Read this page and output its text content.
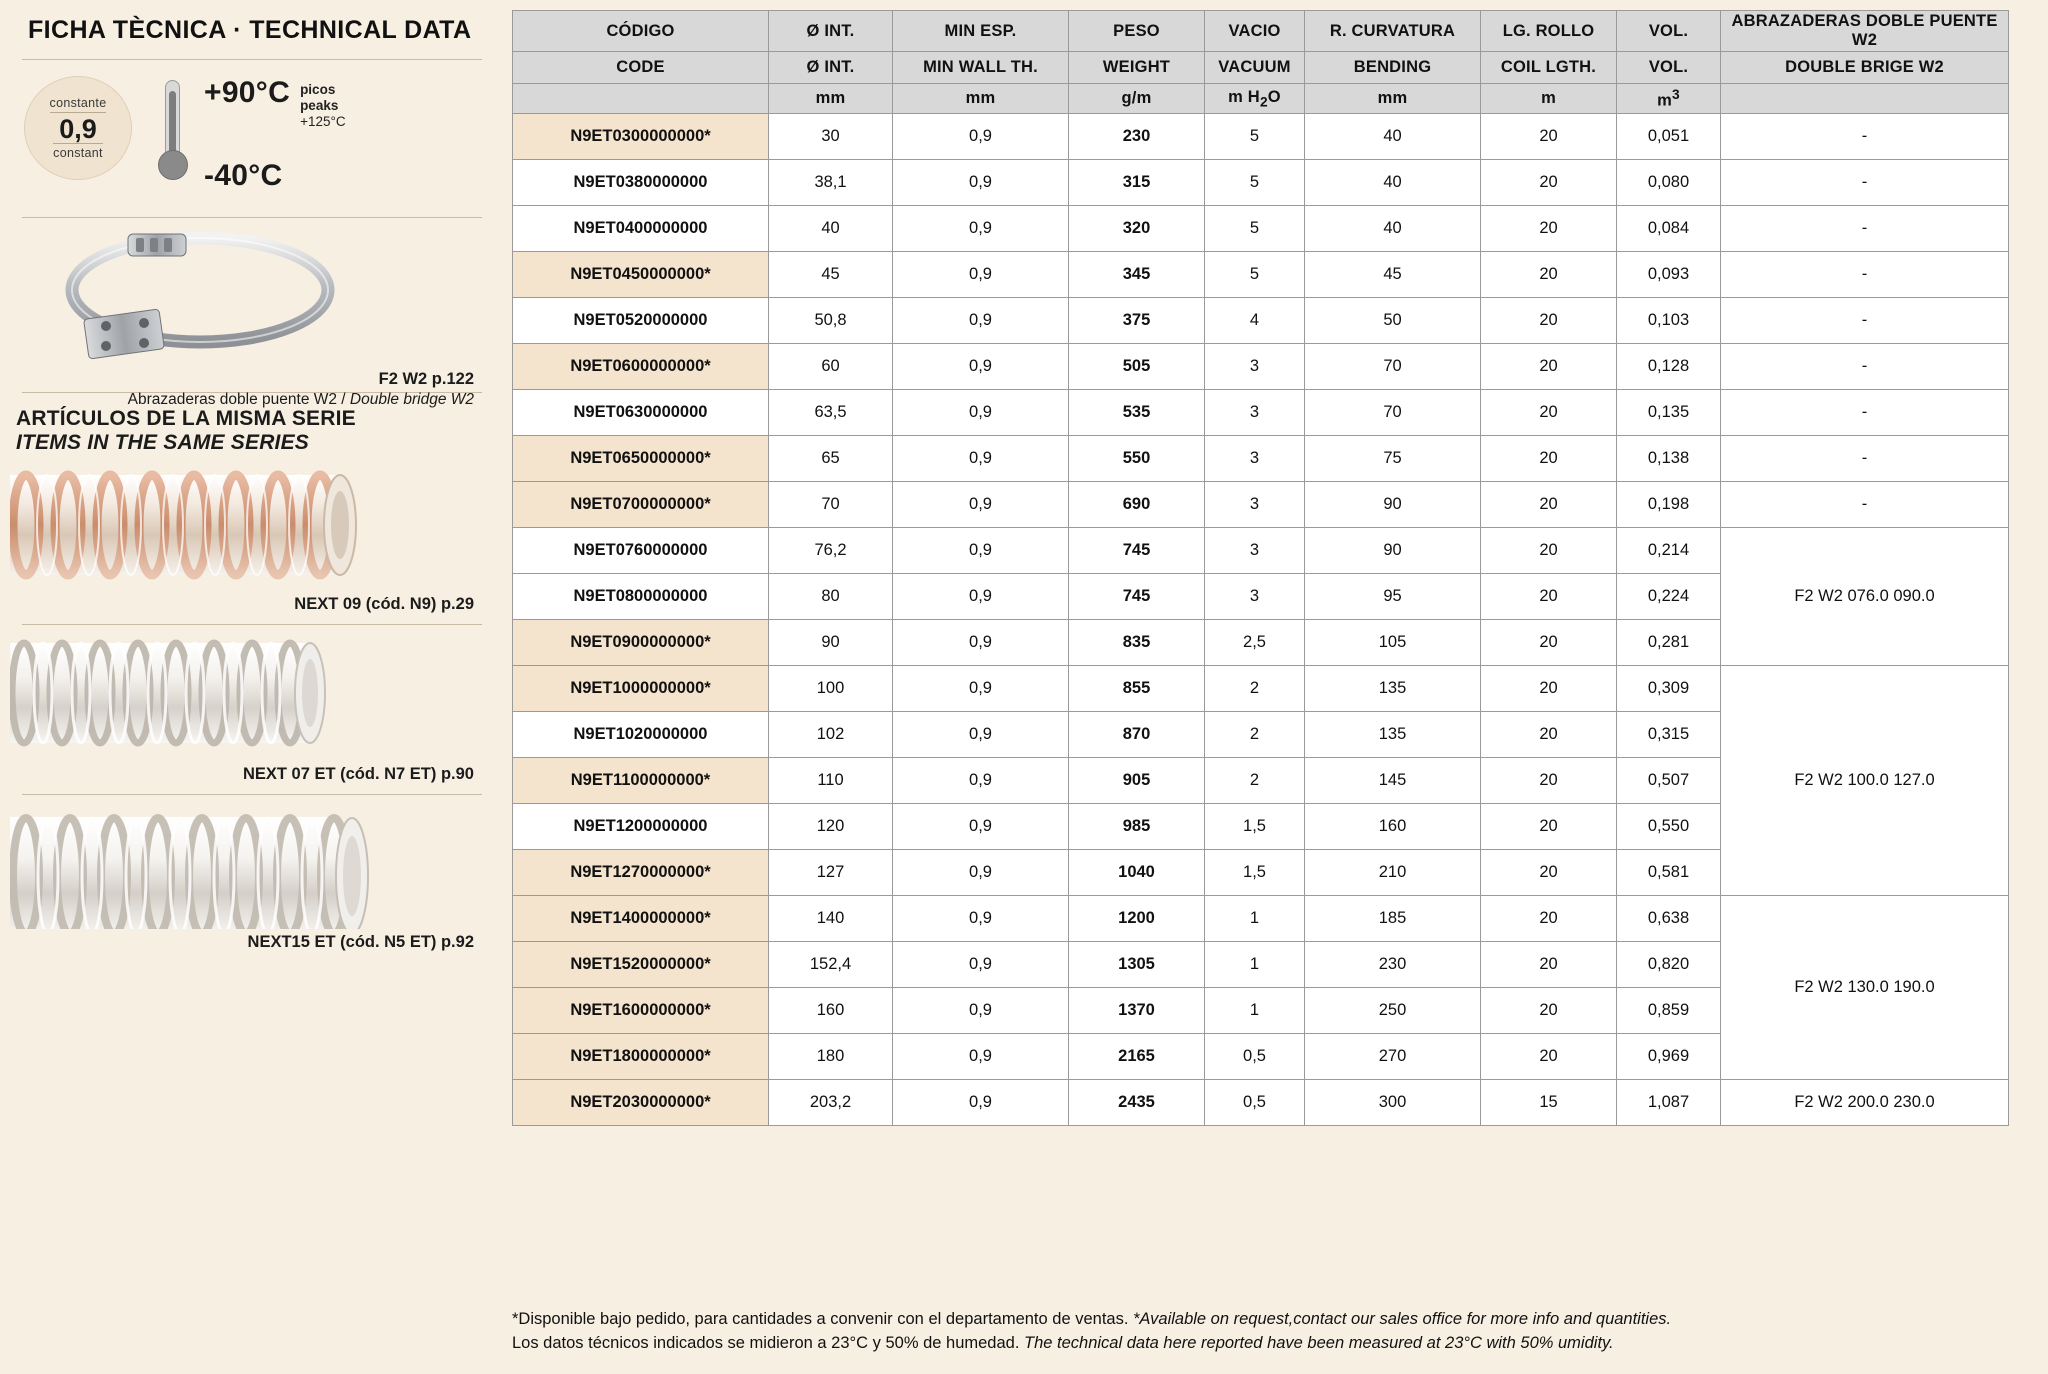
FICHA TÈCNICA · TECHNICAL DATA
constante
0,9
constant
+90°C picos
peaks
+125°C
-40°C
F2 W2 p.122
Abrazaderas doble puente W2 / Double bridge W2
ARTÍCULOS DE LA MISMA SERIE
ITEMS IN THE SAME SERIES
NEXT 09 (cód. N9) p.29
NEXT 07 ET (cód. N7 ET) p.90
NEXT15 ET (cód. N5 ET) p.92
CÓDIGO	Ø INT.	MIN ESP.	PESO	VACIO	R. CURVATURA	LG. ROLLO	VOL.	ABRAZADERAS DOBLE PUENTE W2
CODE	Ø INT.	MIN WALL TH.	WEIGHT	VACUUM	BENDING	COIL LGTH.	VOL.	DOUBLE BRIGE W2
	mm	mm	g/m	m $H_2O$	mm	m	$m^3$	
N9ET0300000000*	30	0,9	230	5	40	20	0,051	-
N9ET0380000000	38,1	0,9	315	5	40	20	0,080	-
N9ET0400000000	40	0,9	320	5	40	20	0,084	-
N9ET0450000000*	45	0,9	345	5	45	20	0,093	-
N9ET0520000000	50,8	0,9	375	4	50	20	0,103	-
N9ET0600000000*	60	0,9	505	3	70	20	0,128	-
N9ET0630000000	63,5	0,9	535	3	70	20	0,135	-
N9ET0650000000*	65	0,9	550	3	75	20	0,138	-
N9ET0700000000*	70	0,9	690	3	90	20	0,198	-
N9ET0760000000	76,2	0,9	745	3	90	20	0,214	F2 W2 076.0 090.0
N9ET0800000000	80	0,9	745	3	95	20	0,224	
N9ET0900000000*	90	0,9	835	2,5	105	20	0,281	
N9ET1000000000*	100	0,9	855	2	135	20	0,309	F2 W2 100.0 127.0
N9ET1020000000	102	0,9	870	2	135	20	0,315	
N9ET1100000000*	110	0,9	905	2	145	20	0,507	
N9ET1200000000	120	0,9	985	1,5	160	20	0,550	
N9ET1270000000*	127	0,9	1040	1,5	210	20	0,581	
N9ET1400000000*	140	0,9	1200	1	185	20	0,638	F2 W2 130.0 190.0
N9ET1520000000*	152,4	0,9	1305	1	230	20	0,820	
N9ET1600000000*	160	0,9	1370	1	250	20	0,859	
N9ET1800000000*	180	0,9	2165	0,5	270	20	0,969	
N9ET2030000000*	203,2	0,9	2435	0,5	300	15	1,087	F2 W2 200.0 230.0
*Disponible bajo pedido, para cantidades a convenir con el departamento de ventas. *Available on request,contact our sales office for more info and quantities.
Los datos técnicos indicados se midieron a 23°C y 50% de humedad. The technical data here reported have been measured at 23°C with 50% umidity.
